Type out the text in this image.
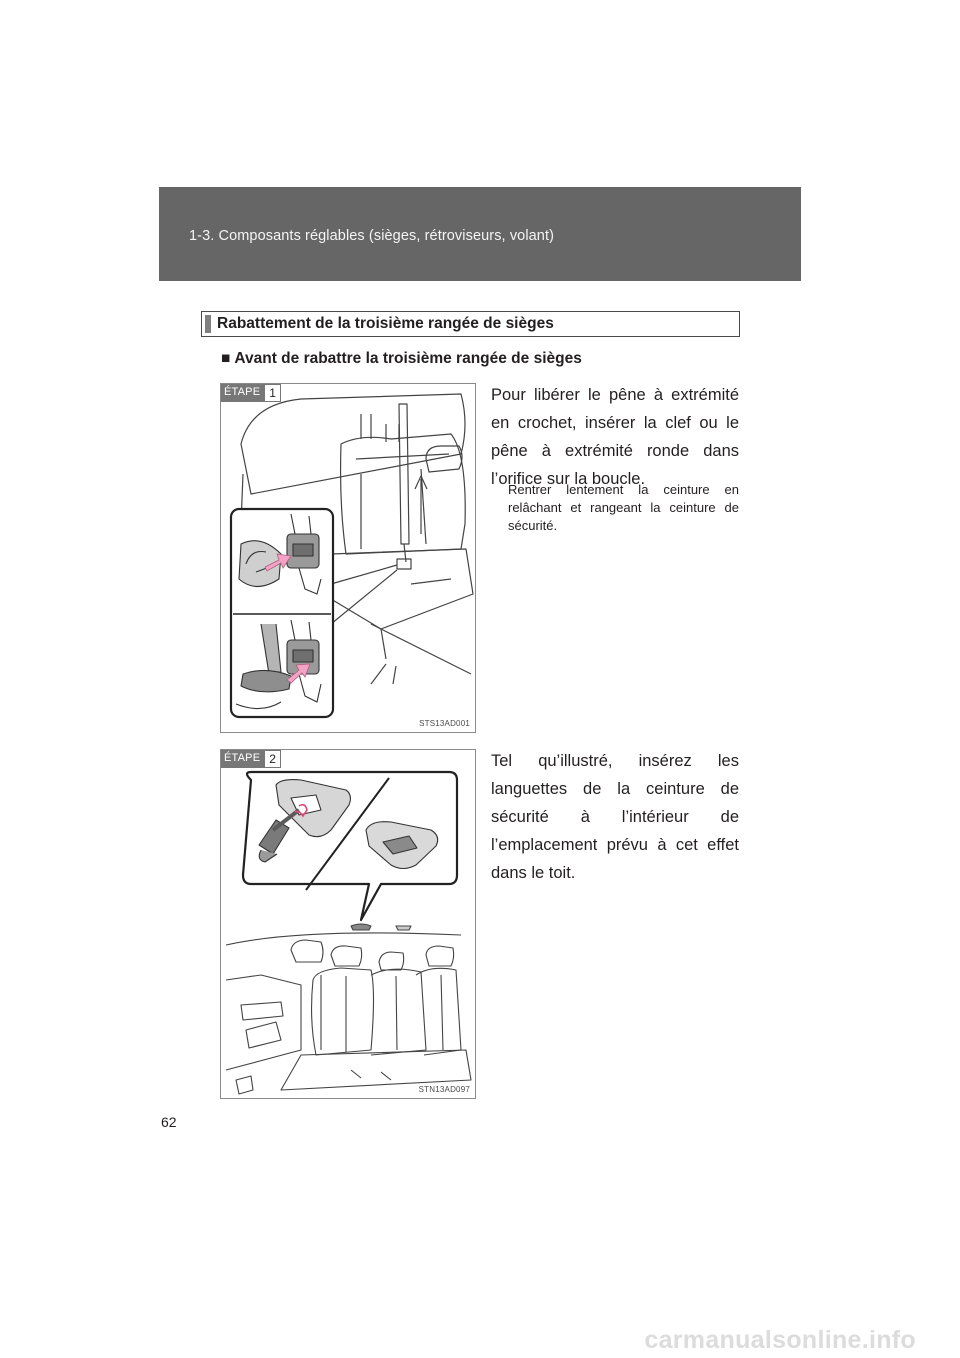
1-3. Composants réglables (sièges, rétroviseurs, volant)
Rabattement de la troisième rangée de sièges
■ Avant de rabattre la troisième rangée de sièges
ÉTAPE 1
STS13AD001

Pour libérer le pêne à extrémité en crochet, insérer la clef ou le pêne à extrémité ronde dans l’orifice sur la boucle.

Rentrer lentement la ceinture en relâchant et rangeant la ceinture de sécurité.

ÉTAPE 2
STN13AD097

Tel qu’illustré, insérez les languettes de la ceinture de sécurité à l’intérieur de l’emplacement prévu à cet effet dans le toit.

62
carmanualsonline.info
